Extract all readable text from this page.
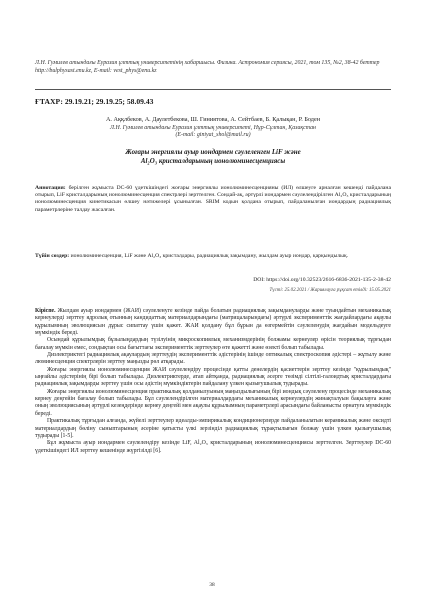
Л.Н. Гумилев атындағы Еуразия ұлттық университетінің хабаршысы. Физика. Астрономия сериясы, 2021, том 135, №2, 38-42 беттер
http://bulphysast.enu.kz, E-mail: vest_phys@enu.kz
ҒТАХР: 29.19.21; 29.19.25; 58.09.43
А. Аққлбеков, А. Даулетбекова, Ш. Гиниятова, А. Сейтбаев, Б. Қалықан, Р. Боден
Л.Н. Гумилев атындағы Еуразия ұлттық университеті, Нұр-Сұлтан, Қазақстан
(E-mail: giniyat_shol@mail.ru)
Жоғары энергиялы ауыр иондармен сәулеленген LiF және
Al₂O₃ кристалдарының ионолюминесценциясы
Аннотация: берілген жұмыста DC-60 үдеткішіндегі жоғары энергиялы ионолюминесценцияны (ИЛ) өлшеуге арналған кешенді пайдалана отырып, LiF кристалдарының ионолюминесценция спектрлері зерттелген. Сондай-ақ, әртүрлі иондармен сәулелендірілген Al₂O₃ кристалдарының ионолюминесценция кинетикасын өлшеу нәтижелері ұсынылған. SRIM кодын қолдана отырып, пайдаланылған иондардың радиациялық параметрлеріне талдау жасалған.
Түйін сөздер: ионолюминесценция, LiF және Al₂O₃ кристалдары, радиациялық зақымдану, жылдам ауыр иондар, қарқындылық.
DOI: https://doi.org/10.32523/2616-6836-2021-135-2-38-42
Түсті: 25.02.2021 / Жариялауға рұқсат етілді: 15.05.2021

Кіріспе. Жылдам ауыр иондармен (ЖАИ) сәулеленуге кезінде пайда болатын радиациялық зақымдануларды және туындайтын механикалық кернеулерді зерттеу ядролық отынның кандидаттық материалдарындағы (матрицаларындағы) әртүрлі эксперименттік жағдайлардағы ақаулы құрылымның эволюциясын дұрыс сипаттау үшін қажет. ЖАИ қолдану бұл бұрын да өзгермейтін сәулеленудің жағдайын модельдеуге мүмкіндік береді.

Осындай құрылымдық бұзылыңдардың түзілуінің микроскопиялық механизмдерінің болжамы кернеулер өрісін теориялық тұрғыдан бағалау мүмкін емес, сондықтан осы бағыттағы эксперименттік зерттеулер өте қажетті және өзекті болып табылады.

Диэлектриктегі радиациялық ақаулардың зерттеудің эксперименттік әдістерінің ішінде оптикалық спектроскопия әдістері – жұтылу және люминесценция спектрлерін зерттеу маңызды рөл атқарады.

Жоғары энергиялы ионолюминесценция ЖАИ сәулелендіру процесінде қатты денелердің қасиеттерін зерттеу кезінде "құрылымдық" ыңғайлы әдістерінің бірі болып табылады. Диэлектриктерде, атап айтқанда, радиациялық әсерге төзімді сілтілі-галоидтық кристалдардағы радиациялық зақымдарды зерттеу үшін осы әдістің мүмкіндіктерін пайдалану үлкен қызығушылық тудырады.

Жоғары энергиялы ионолюминесценция практикалық қолданылуының маңыздылығының бірі иондық сәулелену процесінде механикалық кернеу деңгейін бағалау болып табылады. Бұл сәулелендірілген материалдардағы механикалық кернеулердің жинақталуын бақылауға және оның эволюциясының әртүрлі кезеңдерінде кернеу деңгейі мен ақаулы құрылымның параметрлері арасындағы байланысты орнатуға мүмкіндік береді.

Практикалық тұрғыдан алғанда, жүйелі зерттеулер идеалды-эмпирикалық кондиционерлерде пайдаланылатын керамикалық және оксидті материалдардың бөліну сыныптарының әсеріне қатысты үлкі зерзінділ радиациялық тұрақтылығын болжау үшін үлкен қызығушылық тудырады [1-5].

Бұл жұмыста ауыр иондармен сәулелендіру кезінде LiF, Al₂O₃ кристалдарының ионолюминесценциясы зерттелген. Зерттеулер DC-60 үдеткішіндегі ИЛ зерттеу кешенінде жүргізілді [6].

38
